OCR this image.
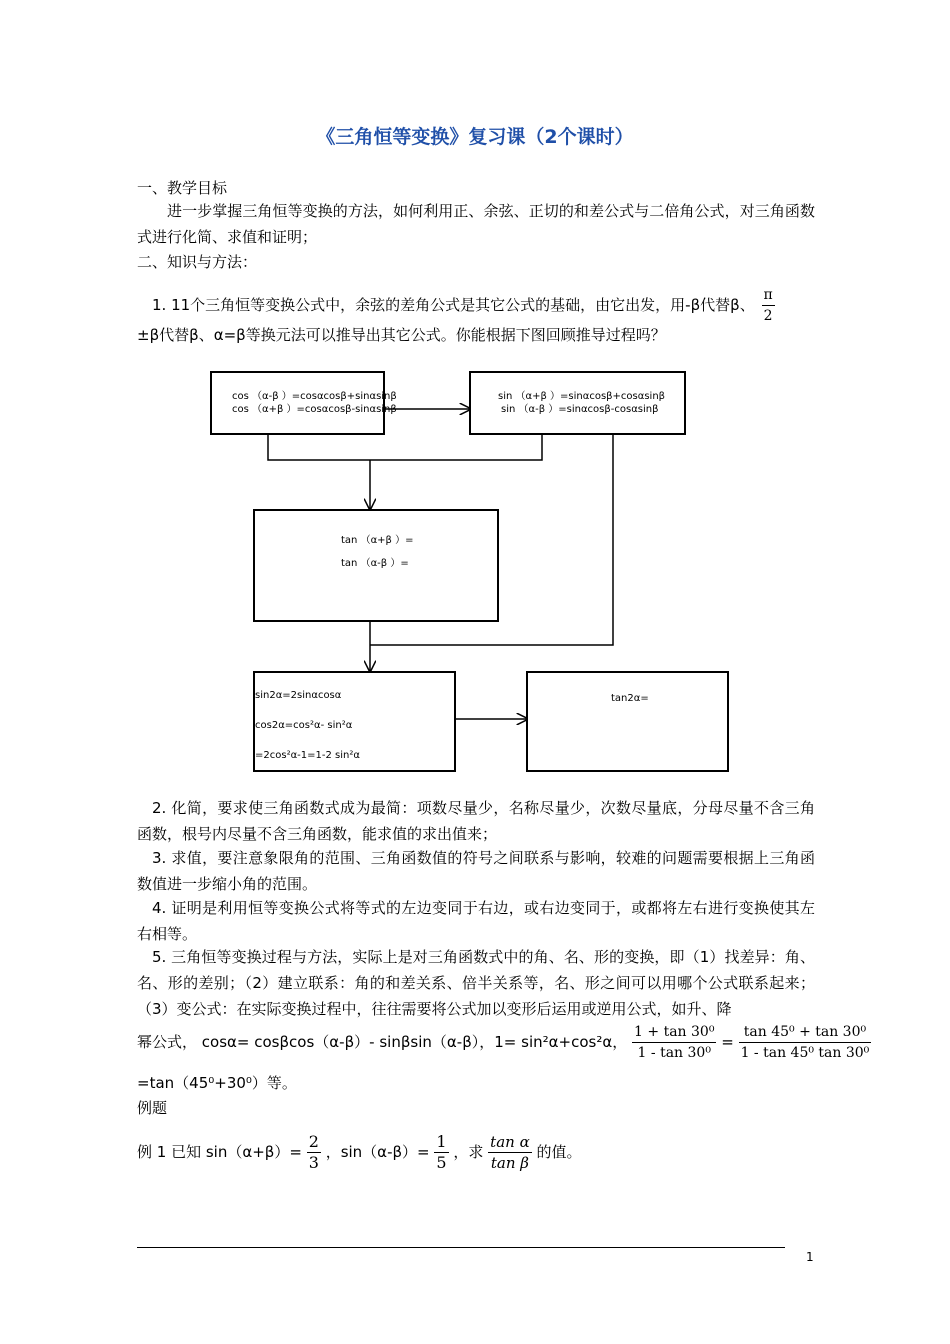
《三角恒等变换》复习课（2个课时）
一、教学目标
进一步掌握三角恒等变换的方法，如何利用正、余弦、正切的和差公式与二倍角公式，对三角函数式进行化简、求值和证明；
二、知识与方法：
1. 11个三角恒等变换公式中，余弦的差角公式是其它公式的基础，由它出发，用-β代替β、 $\frac{\pi}{2}$
±β代替β、α=β等换元法可以推导出其它公式。你能根据下图回顾推导过程吗？
cos （α-β ）=cosαcosβ+sinαsinβ
cos （α+β ）=cosαcosβ-sinαsinβ
sin （α+β ）=sinαcosβ+cosαsinβ
sin （α-β ）=sinαcosβ-cosαsinβ
tan （α+β ）=
tan （α-β ）=
sin2α=2sinαcosα
cos2α=cos²α- sin²α
=2cos²α-1=1-2 sin²α
tan2α=
2. 化简，要求使三角函数式成为最简：项数尽量少，名称尽量少，次数尽量底，分母尽量不含三角函数，根号内尽量不含三角函数，能求值的求出值来；
3. 求值，要注意象限角的范围、三角函数值的符号之间联系与影响，较难的问题需要根据上三角函数值进一步缩小角的范围。
4. 证明是利用恒等变换公式将等式的左边变同于右边，或右边变同于，或都将左右进行变换使其左右相等。
5. 三角恒等变换过程与方法，实际上是对三角函数式中的角、名、形的变换，即（1）找差异：角、名、形的差别；（2）建立联系：角的和差关系、倍半关系等，名、形之间可以用哪个公式联系起来；（3）变公式：在实际变换过程中，往往需要将公式加以变形后运用或逆用公式，如升、降
幂公式， cosα= cosβcos（α-β）- sinβsin（α-β），1= sin²α+cos²α， $\frac{\text{1 + tan 30⁰}}{\text{1 - tan 30⁰}} = \frac{\text{tan 45⁰ + tan 30⁰}}{\text{1 - tan 45⁰ tan 30⁰}}$
=tan（45⁰+30⁰）等。
例题
例 1 已知 $\sin(\alpha+\beta)= \frac{2}{3}$ ，$\sin(\alpha-\beta)= \frac{1}{5}$ ，求 $\frac{\text{tan α}}{\text{tan β}}$ 的值。
1
